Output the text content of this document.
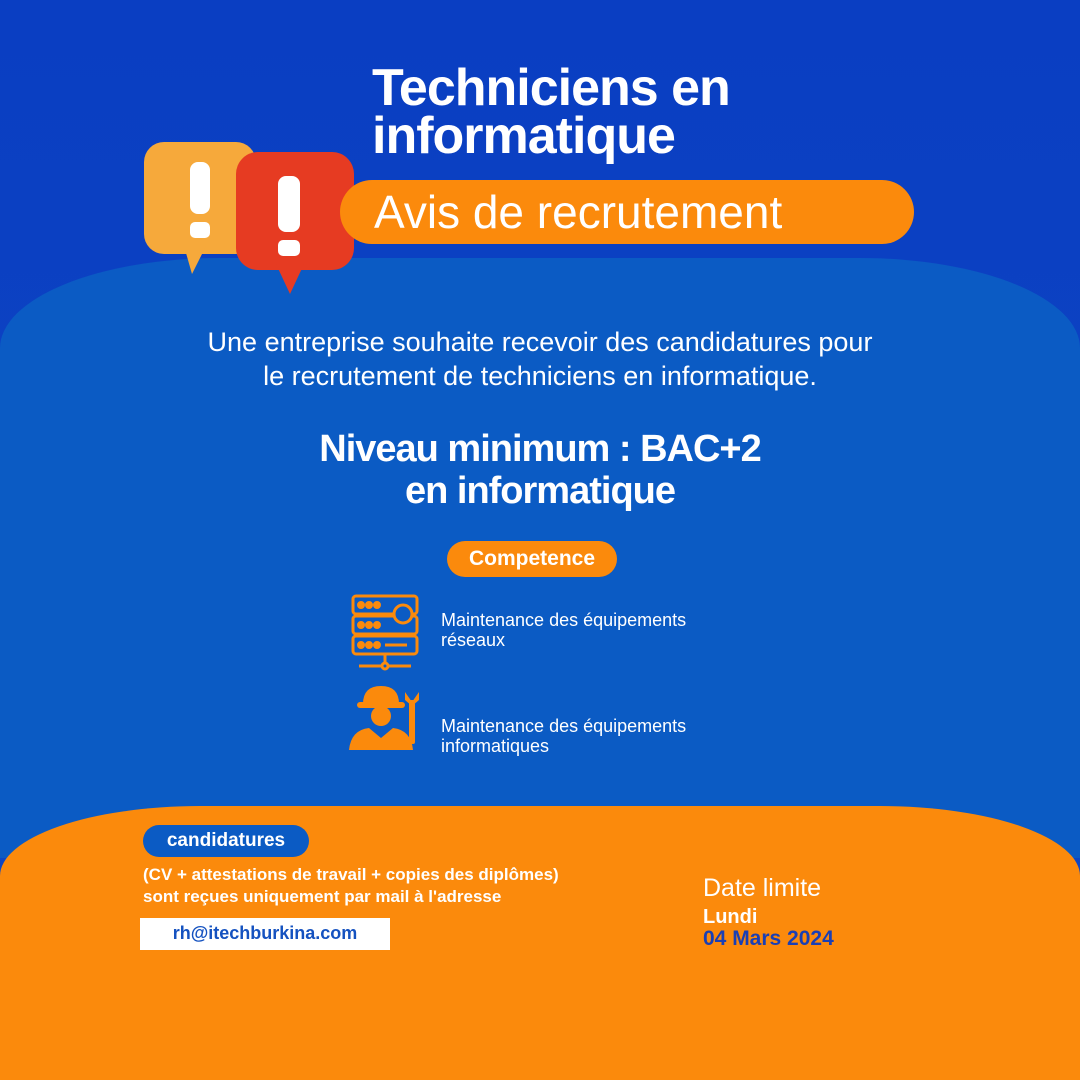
Techniciens en
informatique
Avis de recrutement
Une entreprise souhaite recevoir des candidatures pour
le recrutement de techniciens en informatique.
Niveau minimum : BAC+2
en informatique
Competence
Maintenance des équipements
réseaux
Maintenance des équipements
informatiques
candidatures
(CV + attestations de travail + copies des diplômes)
sont reçues uniquement par mail à l'adresse
rh@itechburkina.com
Date limite
Lundi
04 Mars 2024
